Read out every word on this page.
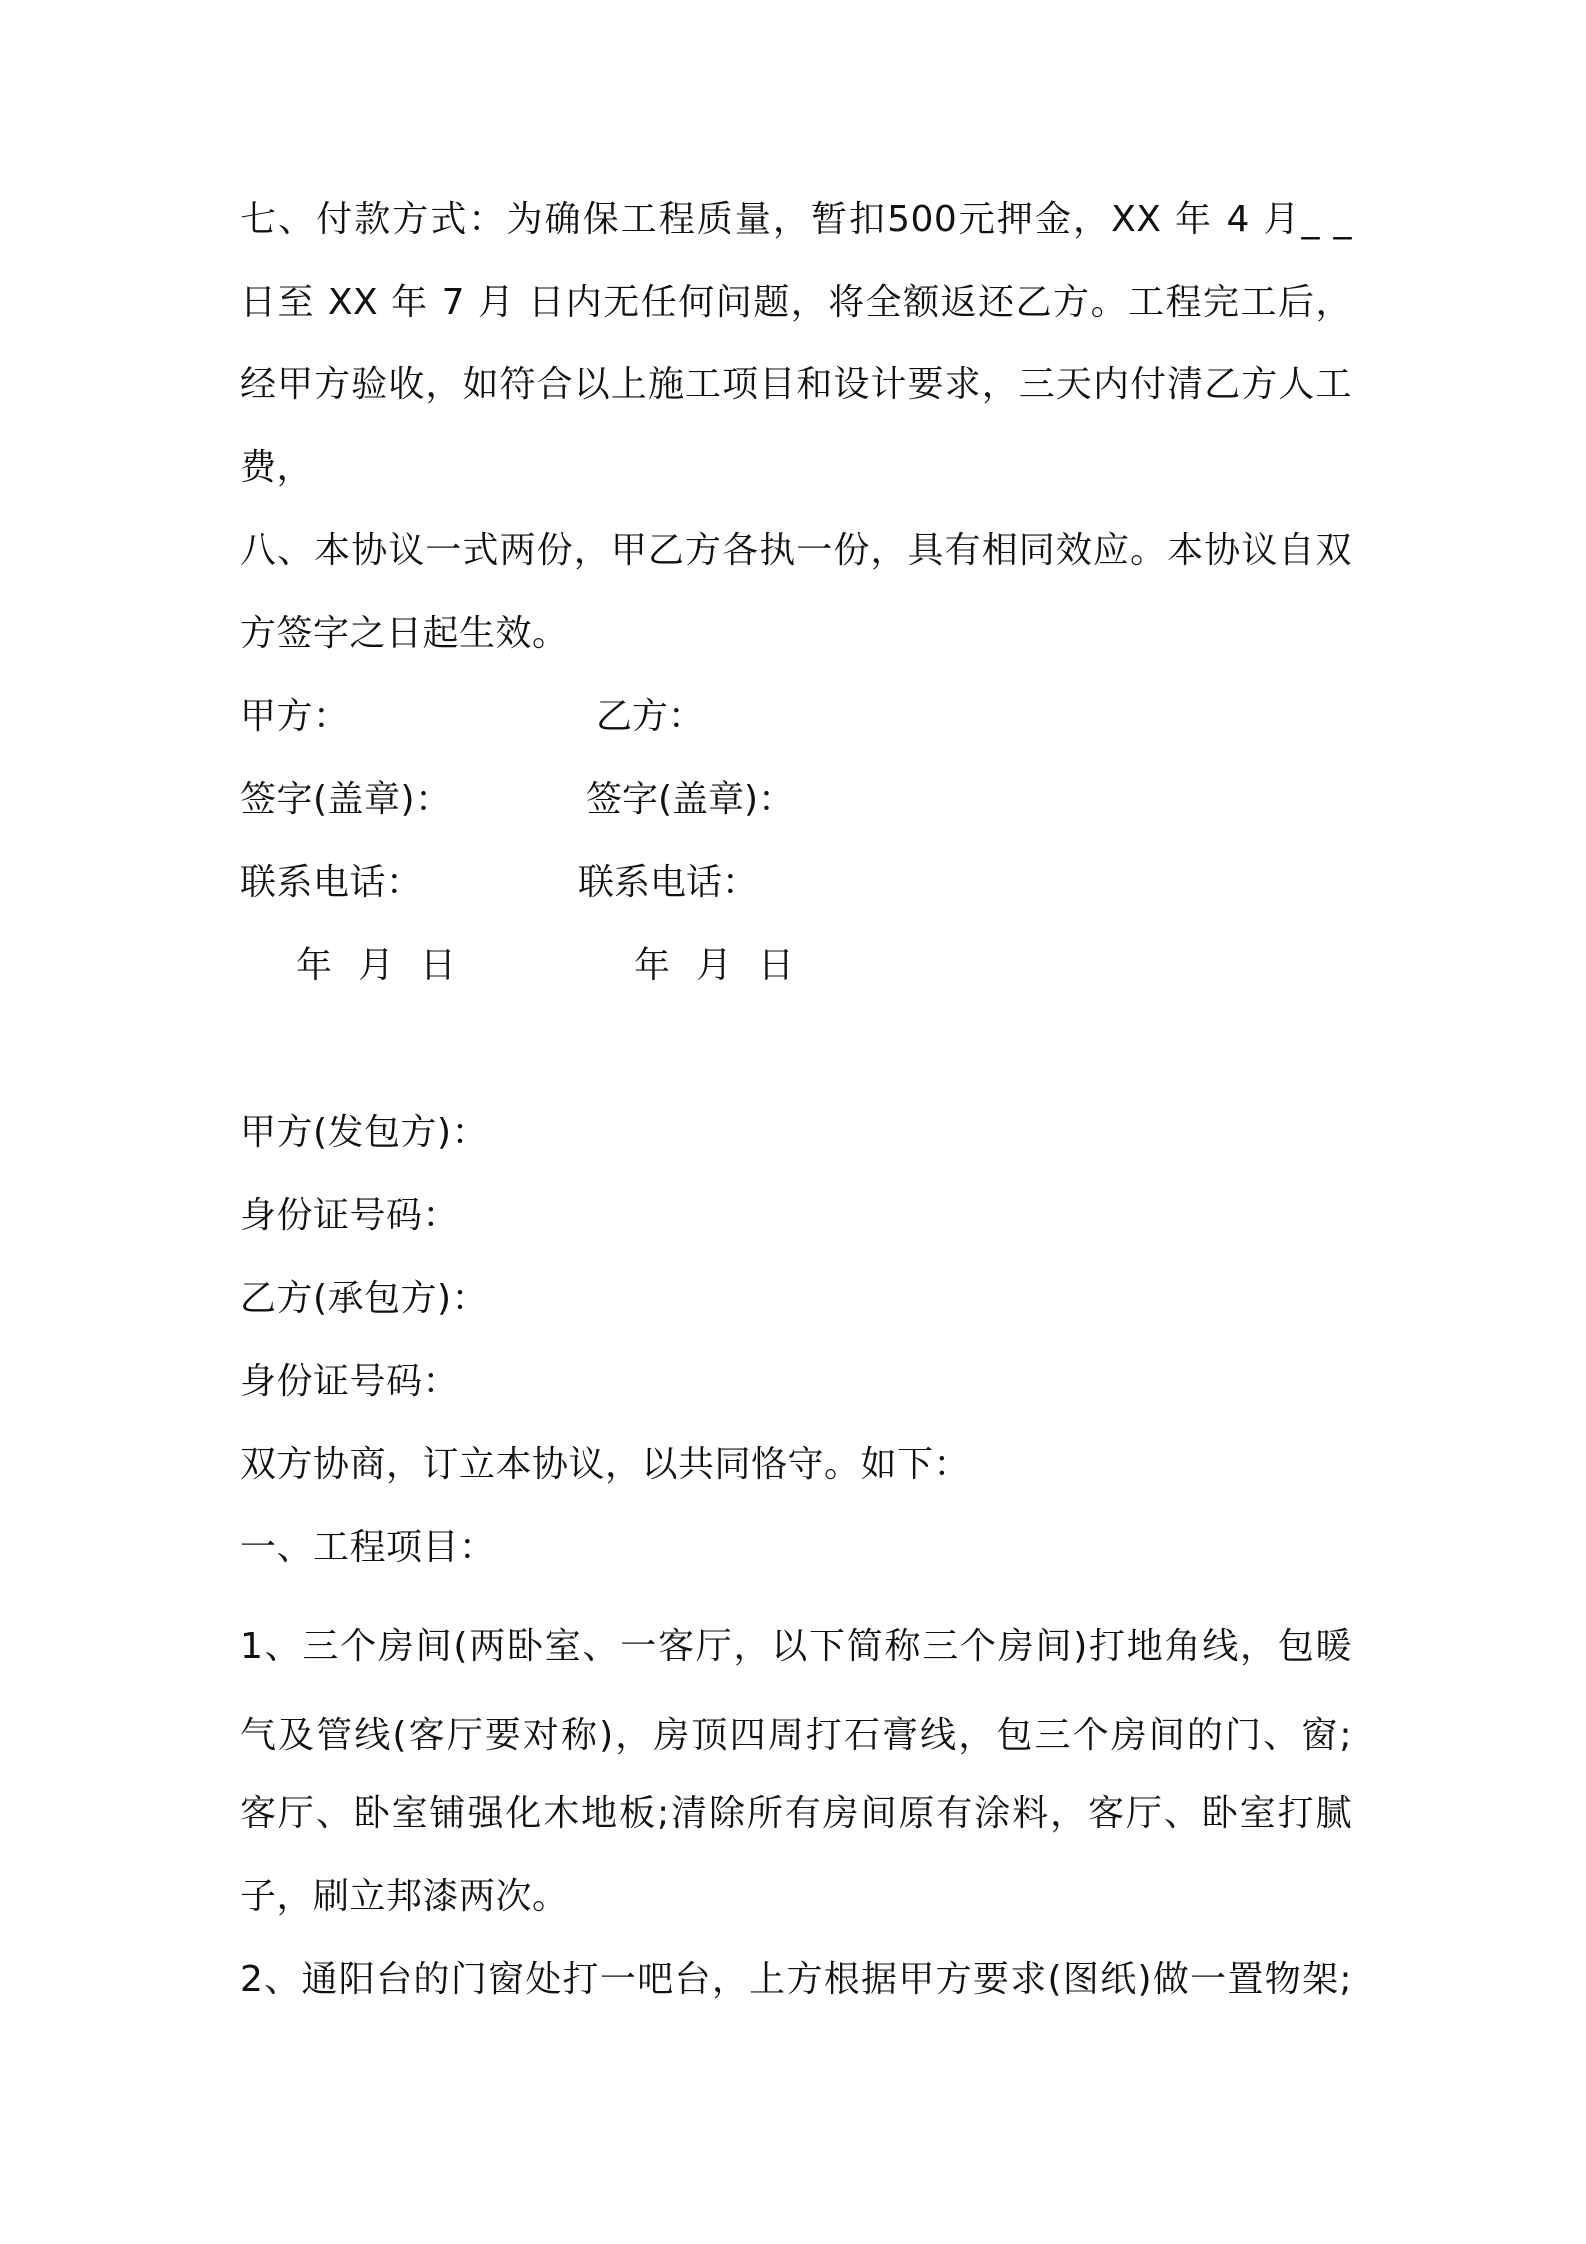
七、付款方式：为确保工程质量，暂扣500元押金，XX 年 4 月_ _
日至 XX 年 7 月 日内无任何问题，将全额返还乙方。工程完工后，
经甲方验收，如符合以上施工项目和设计要求，三天内付清乙方人工
费，
八、本协议一式两份，甲乙方各执一份，具有相同效应。本协议自双
方签字之日起生效。
甲方：	乙方：
签字(盖章)：	签字(盖章)：
联系电话：	联系电话：
年 月 日	年 月 日
甲方(发包方)：
身份证号码：
乙方(承包方)：
身份证号码：
双方协商，订立本协议，以共同恪守。如下：
一、工程项目：
1、三个房间(两卧室、一客厅，以下简称三个房间)打地角线，包暖
气及管线(客厅要对称)，房顶四周打石膏线，包三个房间的门、窗;
客厅、卧室铺强化木地板;清除所有房间原有涂料，客厅、卧室打腻
子，刷立邦漆两次。
2、通阳台的门窗处打一吧台，上方根据甲方要求(图纸)做一置物架;
